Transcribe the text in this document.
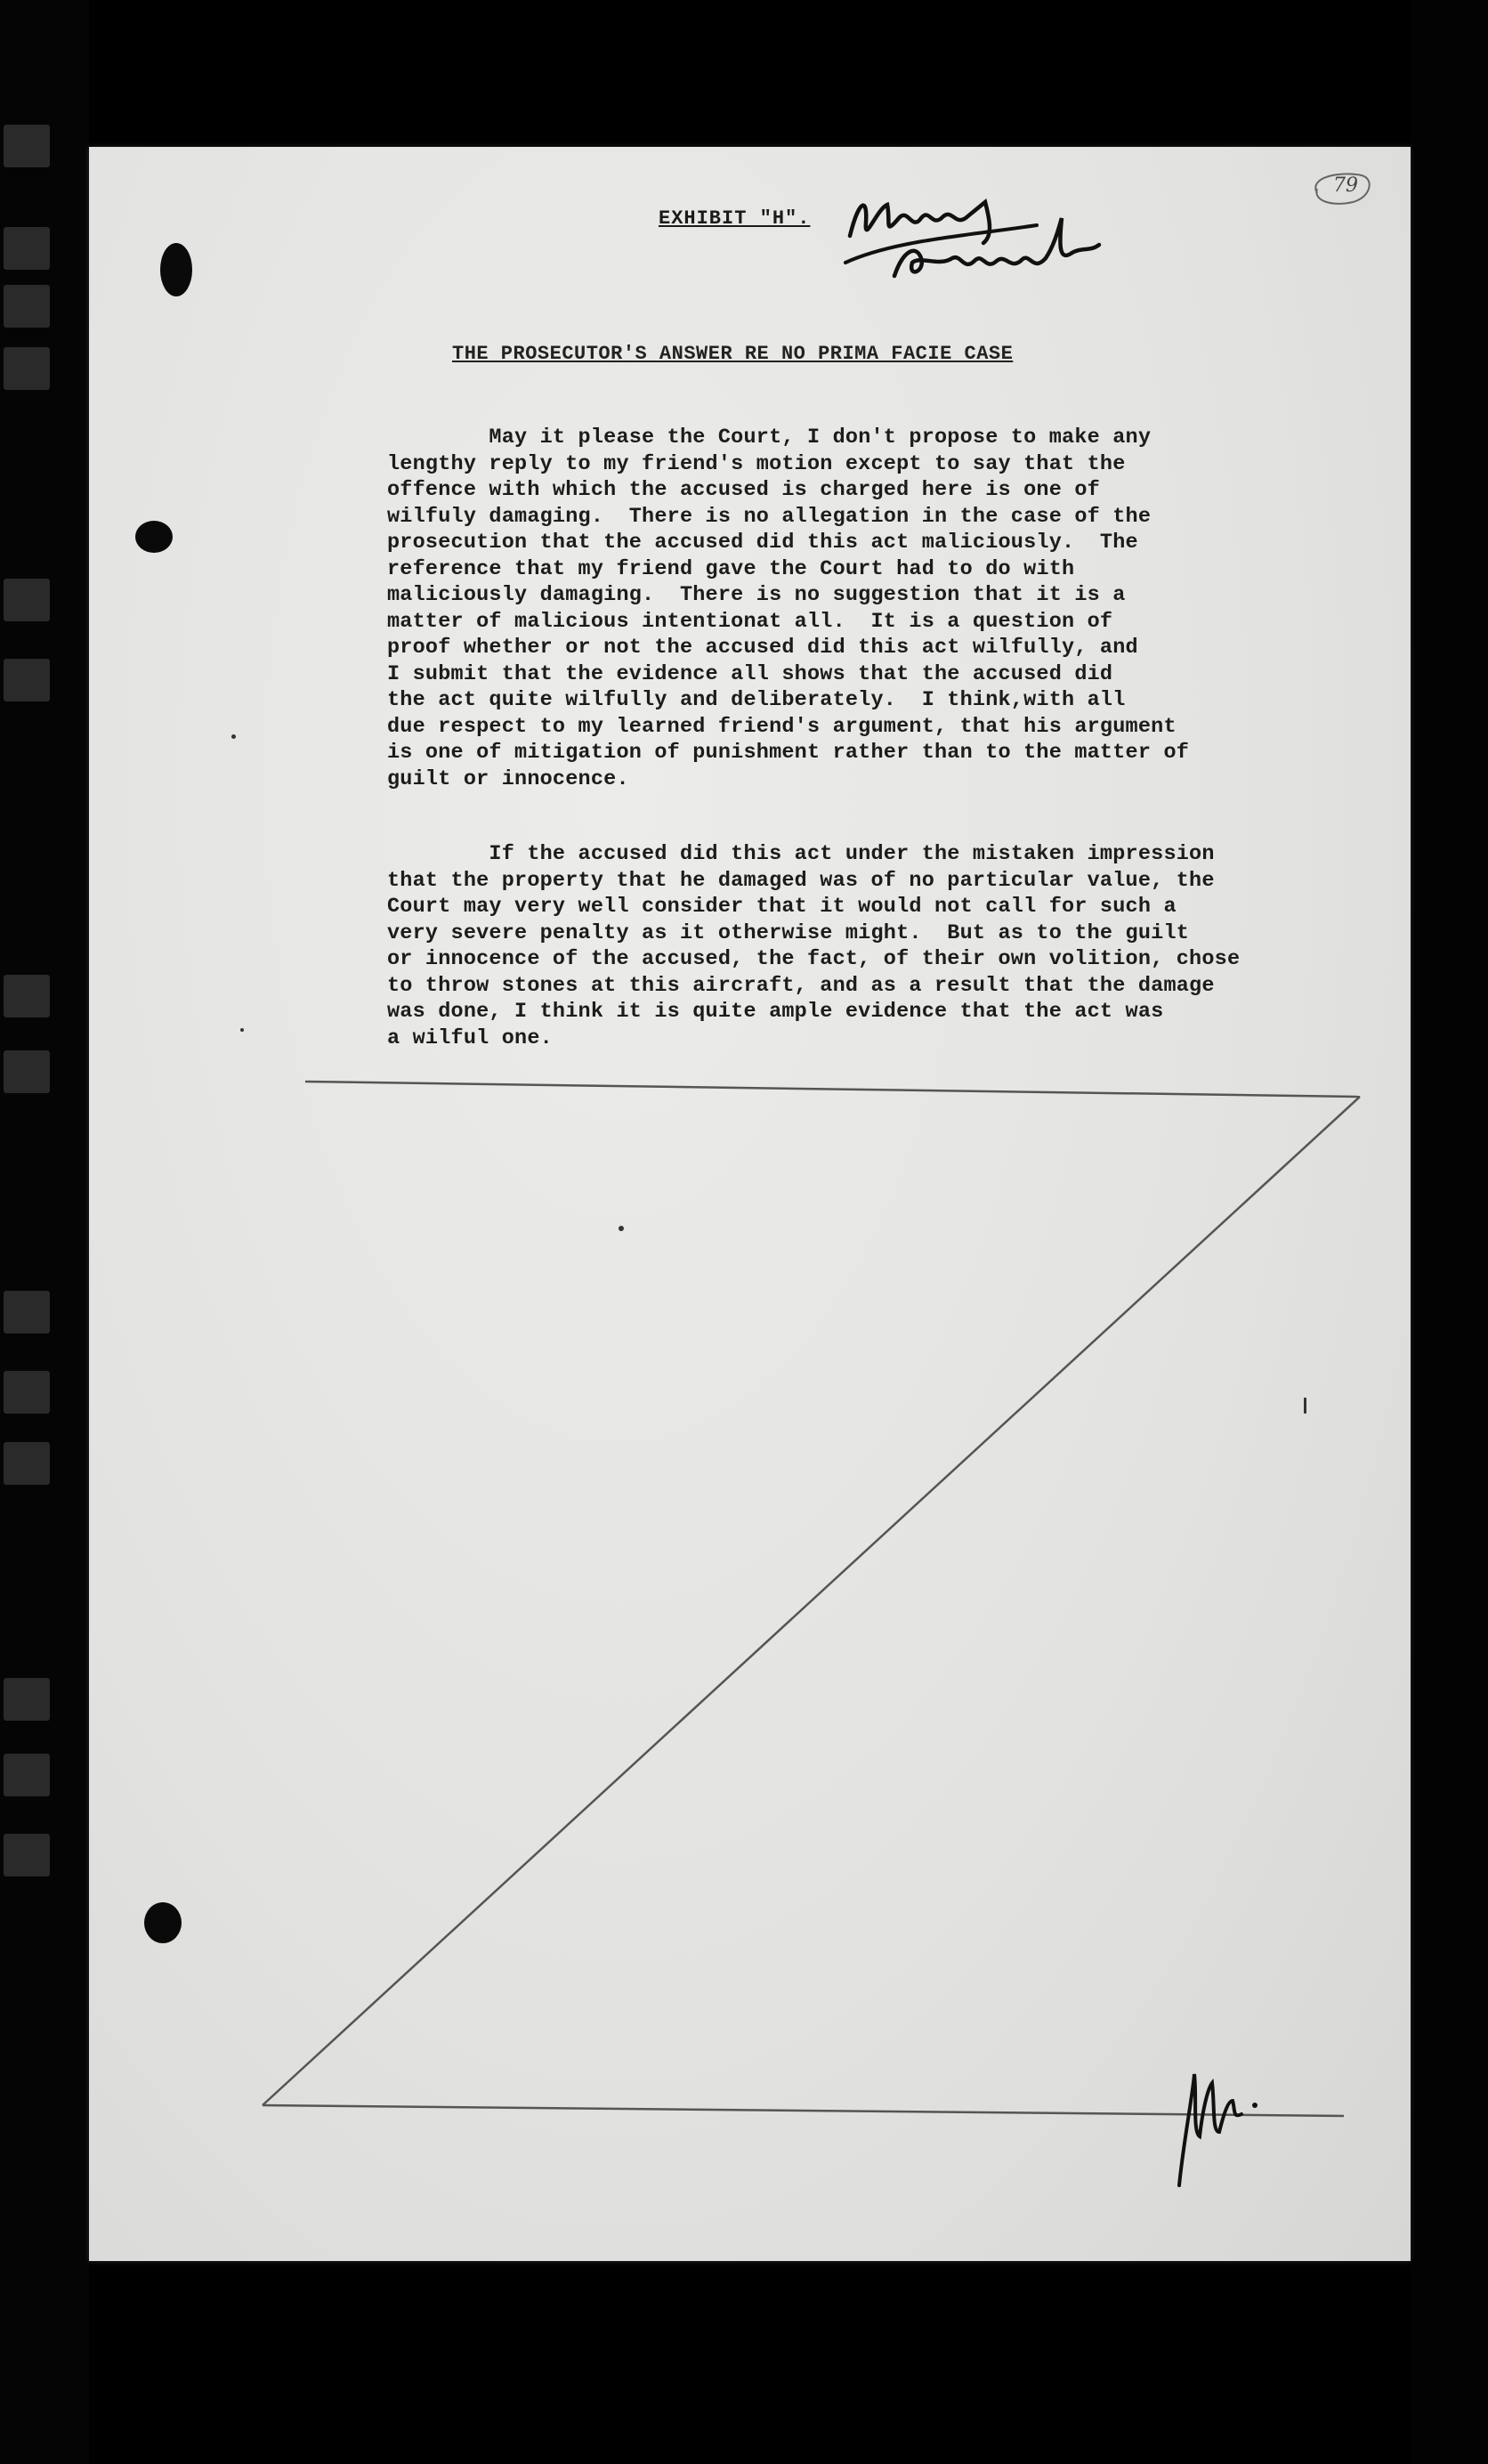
EXHIBIT "H".
79
THE PROSECUTOR'S ANSWER RE NO PRIMA FACIE CASE
May it please the Court, I don't propose to make any
lengthy reply to my friend's motion except to say that the
offence with which the accused is charged here is one of
wilfuly damaging.  There is no allegation in the case of the
prosecution that the accused did this act maliciously.  The
reference that my friend gave the Court had to do with
maliciously damaging.  There is no suggestion that it is a
matter of malicious intentionat all.  It is a question of
proof whether or not the accused did this act wilfully, and
I submit that the evidence all shows that the accused did
the act quite wilfully and deliberately.  I think,with all
due respect to my learned friend's argument, that his argument
is one of mitigation of punishment rather than to the matter of
guilt or innocence.
If the accused did this act under the mistaken impression
that the property that he damaged was of no particular value, the
Court may very well consider that it would not call for such a
very severe penalty as it otherwise might.  But as to the guilt
or innocence of the accused, the fact, of their own volition, chose
to throw stones at this aircraft, and as a result that the damage
was done, I think it is quite ample evidence that the act was
a wilful one.
